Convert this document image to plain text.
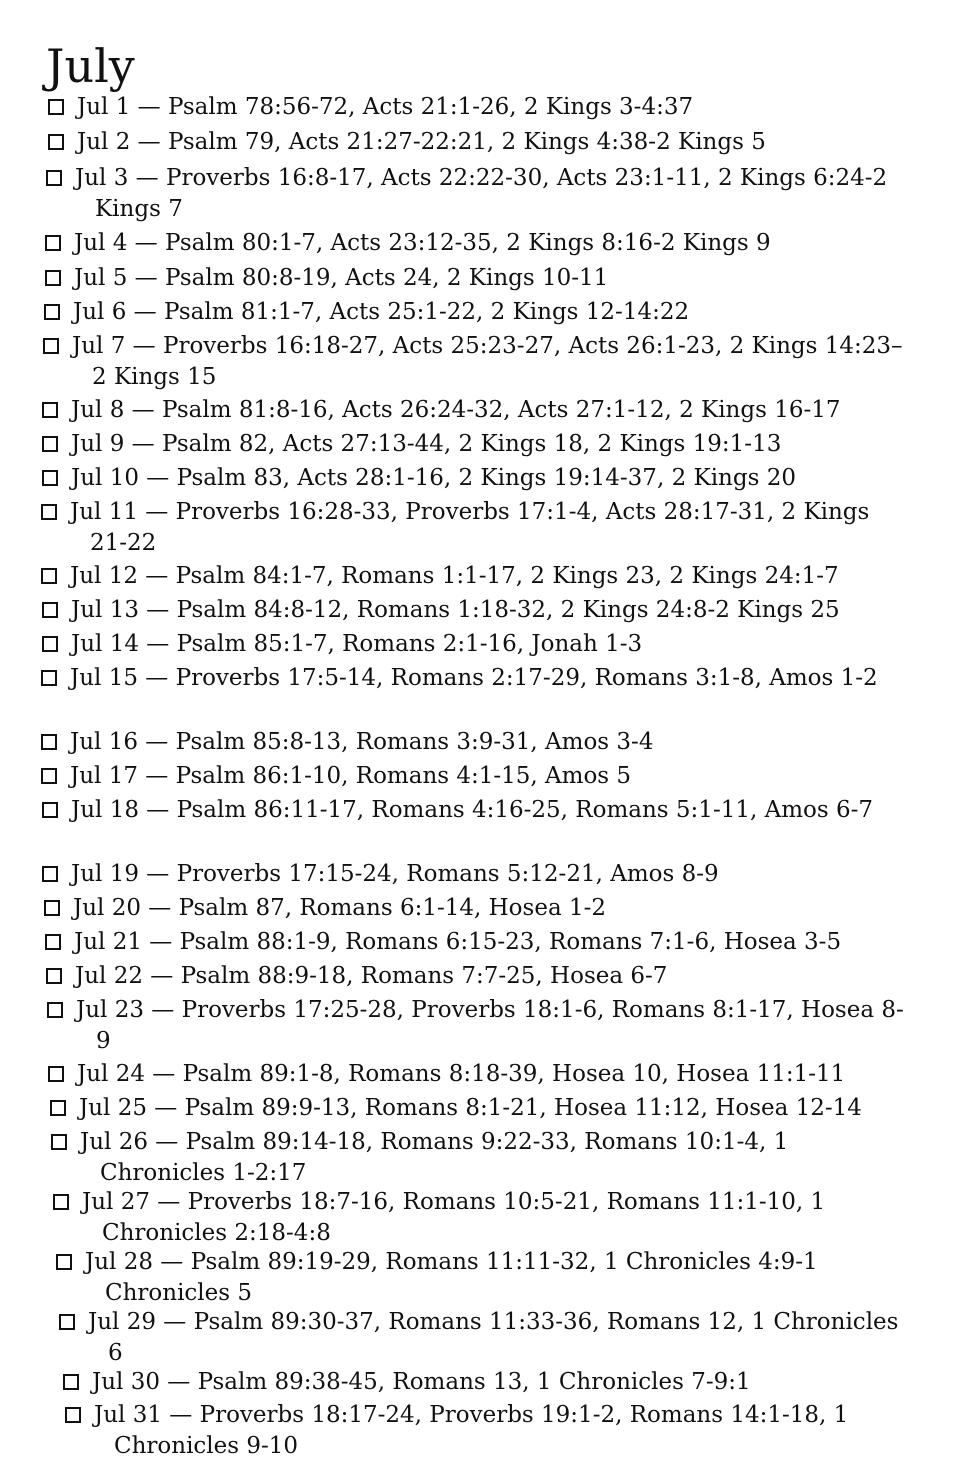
July
Jul 1 — Psalm 78:56-72, Acts 21:1-26, 2 Kings 3-4:37
Jul 2 — Psalm 79, Acts 21:27-22:21, 2 Kings 4:38-2 Kings 5
Jul 3 — Proverbs 16:8-17, Acts 22:22-30, Acts 23:1-11, 2 Kings 6:24-2 Kings 7
Jul 4 — Psalm 80:1-7, Acts 23:12-35, 2 Kings 8:16-2 Kings 9
Jul 5 — Psalm 80:8-19, Acts 24, 2 Kings 10-11
Jul 6 — Psalm 81:1-7, Acts 25:1-22, 2 Kings 12-14:22
Jul 7 — Proverbs 16:18-27, Acts 25:23-27, Acts 26:1-23, 2 Kings 14:23–2 Kings 15
Jul 8 — Psalm 81:8-16, Acts 26:24-32, Acts 27:1-12, 2 Kings 16-17
Jul 9 — Psalm 82, Acts 27:13-44, 2 Kings 18, 2 Kings 19:1-13
Jul 10 — Psalm 83, Acts 28:1-16, 2 Kings 19:14-37, 2 Kings 20
Jul 11 — Proverbs 16:28-33, Proverbs 17:1-4, Acts 28:17-31, 2 Kings 21-22
Jul 12 — Psalm 84:1-7, Romans 1:1-17, 2 Kings 23, 2 Kings 24:1-7
Jul 13 — Psalm 84:8-12, Romans 1:18-32, 2 Kings 24:8-2 Kings 25
Jul 14 — Psalm 85:1-7, Romans 2:1-16, Jonah 1-3
Jul 15 — Proverbs 17:5-14, Romans 2:17-29, Romans 3:1-8, Amos 1-2
Jul 16 — Psalm 85:8-13, Romans 3:9-31, Amos 3-4
Jul 17 — Psalm 86:1-10, Romans 4:1-15, Amos 5
Jul 18 — Psalm 86:11-17, Romans 4:16-25, Romans 5:1-11, Amos 6-7
Jul 19 — Proverbs 17:15-24, Romans 5:12-21, Amos 8-9
Jul 20 — Psalm 87, Romans 6:1-14, Hosea 1-2
Jul 21 — Psalm 88:1-9, Romans 6:15-23, Romans 7:1-6, Hosea 3-5
Jul 22 — Psalm 88:9-18, Romans 7:7-25, Hosea 6-7
Jul 23 — Proverbs 17:25-28, Proverbs 18:1-6, Romans 8:1-17, Hosea 8-9
Jul 24 — Psalm 89:1-8, Romans 8:18-39, Hosea 10, Hosea 11:1-11
Jul 25 — Psalm 89:9-13, Romans 8:1-21, Hosea 11:12, Hosea 12-14
Jul 26 — Psalm 89:14-18, Romans 9:22-33, Romans 10:1-4, 1 Chronicles 1-2:17
Jul 27 — Proverbs 18:7-16, Romans 10:5-21, Romans 11:1-10, 1 Chronicles 2:18-4:8
Jul 28 — Psalm 89:19-29, Romans 11:11-32, 1 Chronicles 4:9-1 Chronicles 5
Jul 29 — Psalm 89:30-37, Romans 11:33-36, Romans 12, 1 Chronicles 6
Jul 30 — Psalm 89:38-45, Romans 13, 1 Chronicles 7-9:1
Jul 31 — Proverbs 18:17-24, Proverbs 19:1-2, Romans 14:1-18, 1 Chronicles 9-10
